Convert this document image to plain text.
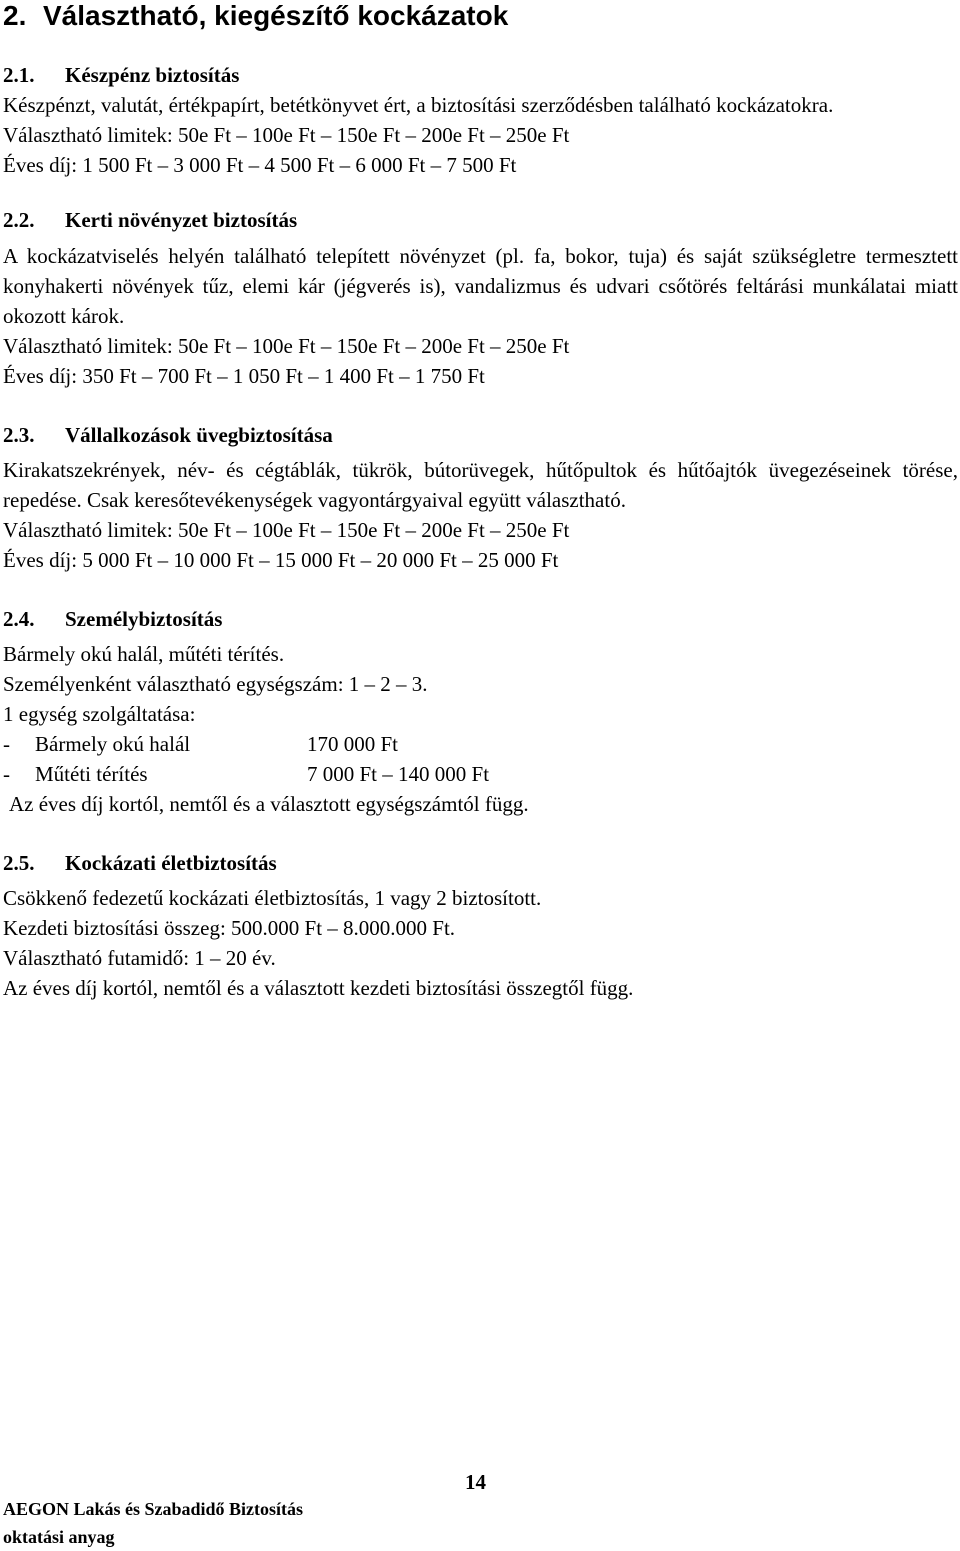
2. Választható, kiegészítő kockázatok
2.1. Készpénz biztosítás

Készpénzt, valutát, értékpapírt, betétkönyvet ért, a biztosítási szerződésben található kockázatokra.

Választható limitek: 50e Ft – 100e Ft – 150e Ft – 200e Ft – 250e Ft

Éves díj: 1 500 Ft – 3 000 Ft – 4 500 Ft – 6 000 Ft – 7 500 Ft

2.2. Kerti növényzet biztosítás

A kockázatviselés helyén található telepített növényzet (pl. fa, bokor, tuja) és saját szükségletre termesztett konyhakerti növények tűz, elemi kár (jégverés is), vandalizmus és udvari csőtörés feltárási munkálatai miatt okozott károk.

Választható limitek: 50e Ft – 100e Ft – 150e Ft – 200e Ft – 250e Ft

Éves díj: 350 Ft – 700 Ft – 1 050 Ft – 1 400 Ft – 1 750 Ft

2.3. Vállalkozások üvegbiztosítása

Kirakatszekrények, név- és cégtáblák, tükrök, bútorüvegek, hűtőpultok és hűtőajtók üvegezéseinek törése, repedése. Csak keresőtevékenységek vagyontárgyaival együtt választható.

Választható limitek: 50e Ft – 100e Ft – 150e Ft – 200e Ft – 250e Ft

Éves díj: 5 000 Ft – 10 000 Ft – 15 000 Ft – 20 000 Ft – 25 000 Ft

2.4. Személybiztosítás

Bármely okú halál, műtéti térítés.

Személyenként választható egységszám: 1 – 2 – 3.

1 egység szolgáltatása:

-	Bármely okú halál	170 000 Ft
-	Műtéti térítés	7 000 Ft – 140 000 Ft

Az éves díj kortól, nemtől és a választott egységszámtól függ.

2.5. Kockázati életbiztosítás

Csökkenő fedezetű kockázati életbiztosítás, 1 vagy 2 biztosított.

Kezdeti biztosítási összeg: 500.000 Ft – 8.000.000 Ft.

Választható futamidő: 1 – 20 év.

Az éves díj kortól, nemtől és a választott kezdeti biztosítási összegtől függ.

14
AEGON Lakás és Szabadidő Biztosítás
oktatási anyag
